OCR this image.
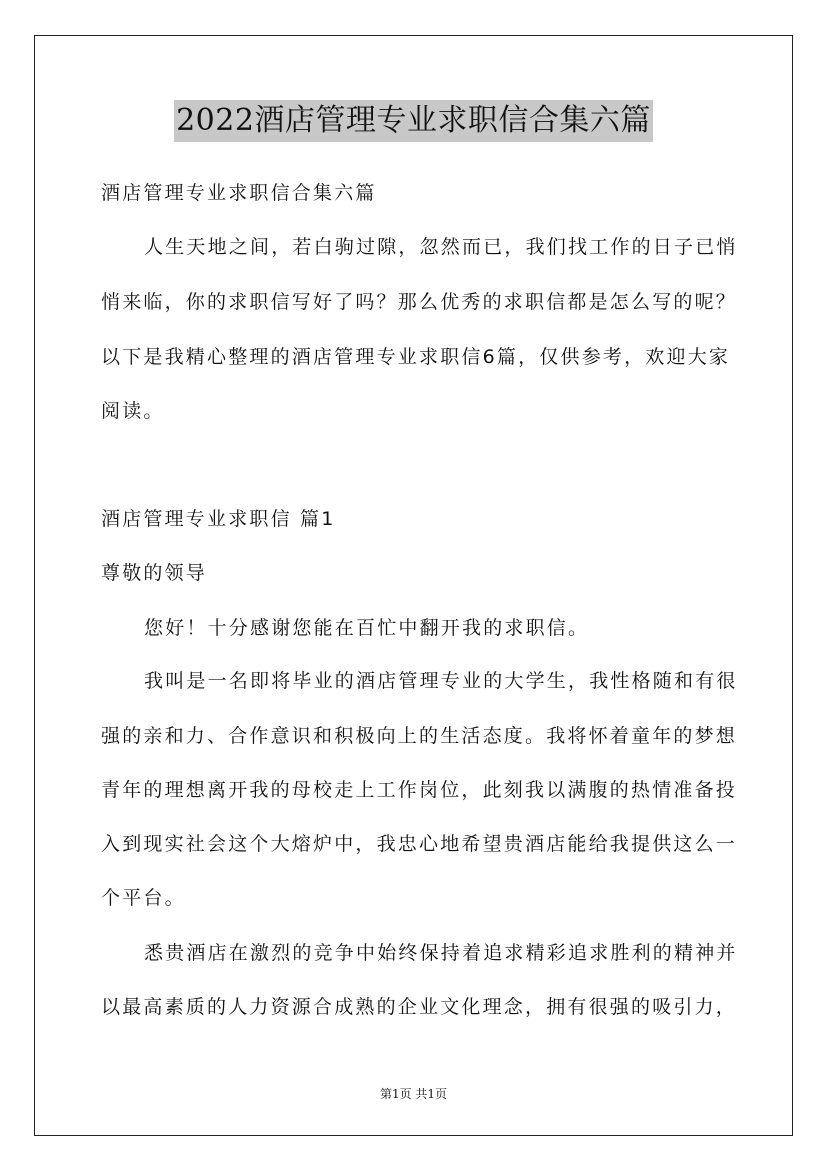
2022酒店管理专业求职信合集六篇
酒店管理专业求职信合集六篇
人生天地之间，若白驹过隙，忽然而已，我们找工作的日子已悄
悄来临，你的求职信写好了吗？那么优秀的求职信都是怎么写的呢？
以下是我精心整理的酒店管理专业求职信6篇，仅供参考，欢迎大家
阅读。
酒店管理专业求职信 篇1
尊敬的领导
您好！十分感谢您能在百忙中翻开我的求职信。
我叫是一名即将毕业的酒店管理专业的大学生，我性格随和有很
强的亲和力、合作意识和积极向上的生活态度。我将怀着童年的梦想
青年的理想离开我的母校走上工作岗位，此刻我以满腹的热情准备投
入到现实社会这个大熔炉中，我忠心地希望贵酒店能给我提供这么一
个平台。
悉贵酒店在激烈的竞争中始终保持着追求精彩追求胜利的精神并
以最高素质的人力资源合成熟的企业文化理念，拥有很强的吸引力，
第1页 共1页
